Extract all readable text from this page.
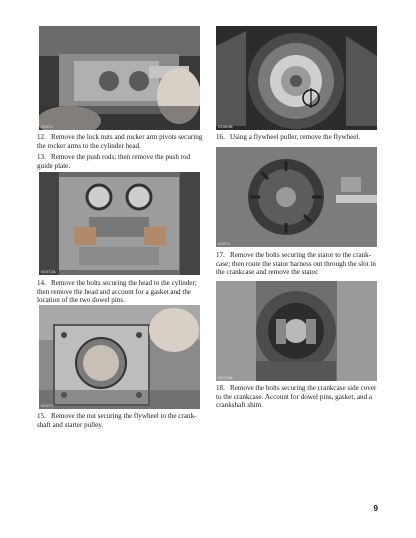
IG071	IG069B

12. Remove the lock nuts and rocker arm pivots securing the rocker arms to the cylinder head.

13. Remove the push rods; then remove the push rod guide plate.

16. Using a flywheel puller, remove the flywheel.

IG072A
IG074

17. Remove the bolts securing the stator to the crank-case; then route the stator harness out through the slot in the crankcase and remove the stator.

14. Remove the bolts securing the head to the cylinder; then remove the head and account for a gasket and the location of the two dowel pins.

IG073
IG075A

18. Remove the bolts securing the crankcase side cover to the crankcase. Account for dowel pins, gasket, and a crankshaft shim.

15. Remove the nut securing the flywheel to the crank-shaft and starter pulley.

9
